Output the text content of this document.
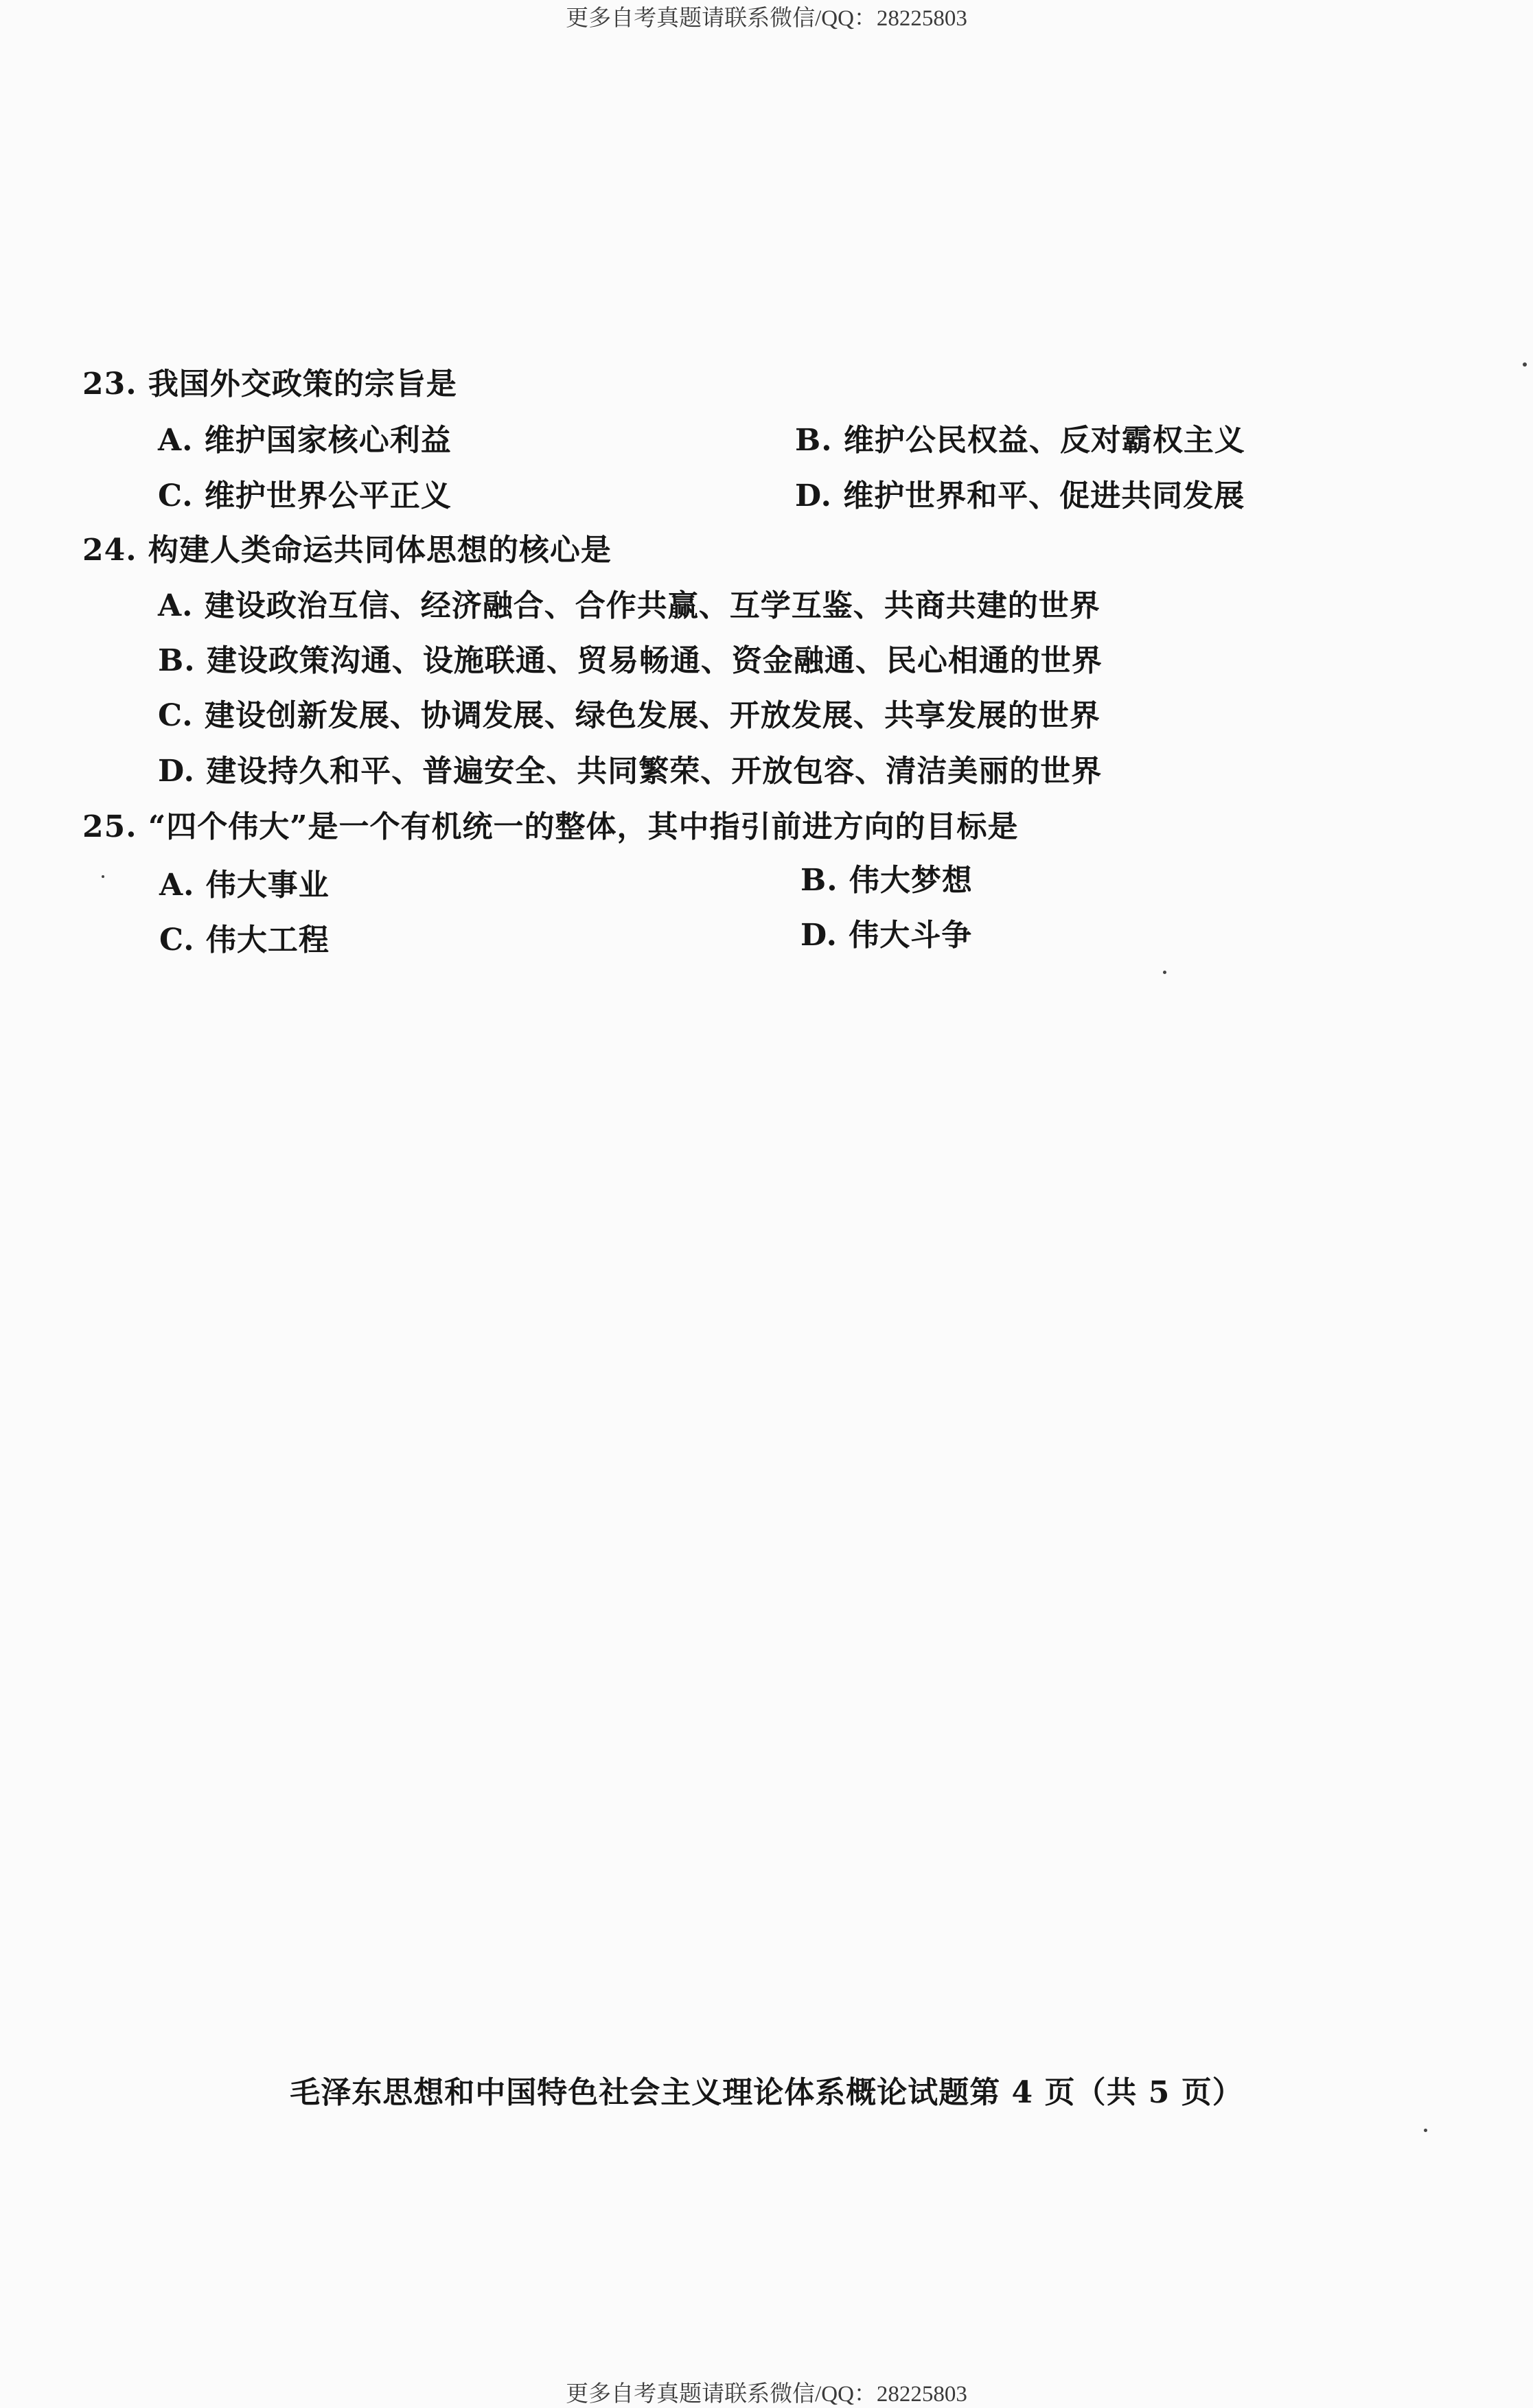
更多自考真题请联系微信/QQ：28225803
23. 我国外交政策的宗旨是
A. 维护国家核心利益	B. 维护公民权益、反对霸权主义
C. 维护世界公平正义	D. 维护世界和平、促进共同发展
24. 构建人类命运共同体思想的核心是
A. 建设政治互信、经济融合、合作共赢、互学互鉴、共商共建的世界
B. 建设政策沟通、设施联通、贸易畅通、资金融通、民心相通的世界
C. 建设创新发展、协调发展、绿色发展、开放发展、共享发展的世界
D. 建设持久和平、普遍安全、共同繁荣、开放包容、清洁美丽的世界
25. “四个伟大”是一个有机统一的整体，其中指引前进方向的目标是
A. 伟大事业	B. 伟大梦想
C. 伟大工程	D. 伟大斗争
毛泽东思想和中国特色社会主义理论体系概论试题第 4 页（共 5 页）
更多自考真题请联系微信/QQ：28225803
